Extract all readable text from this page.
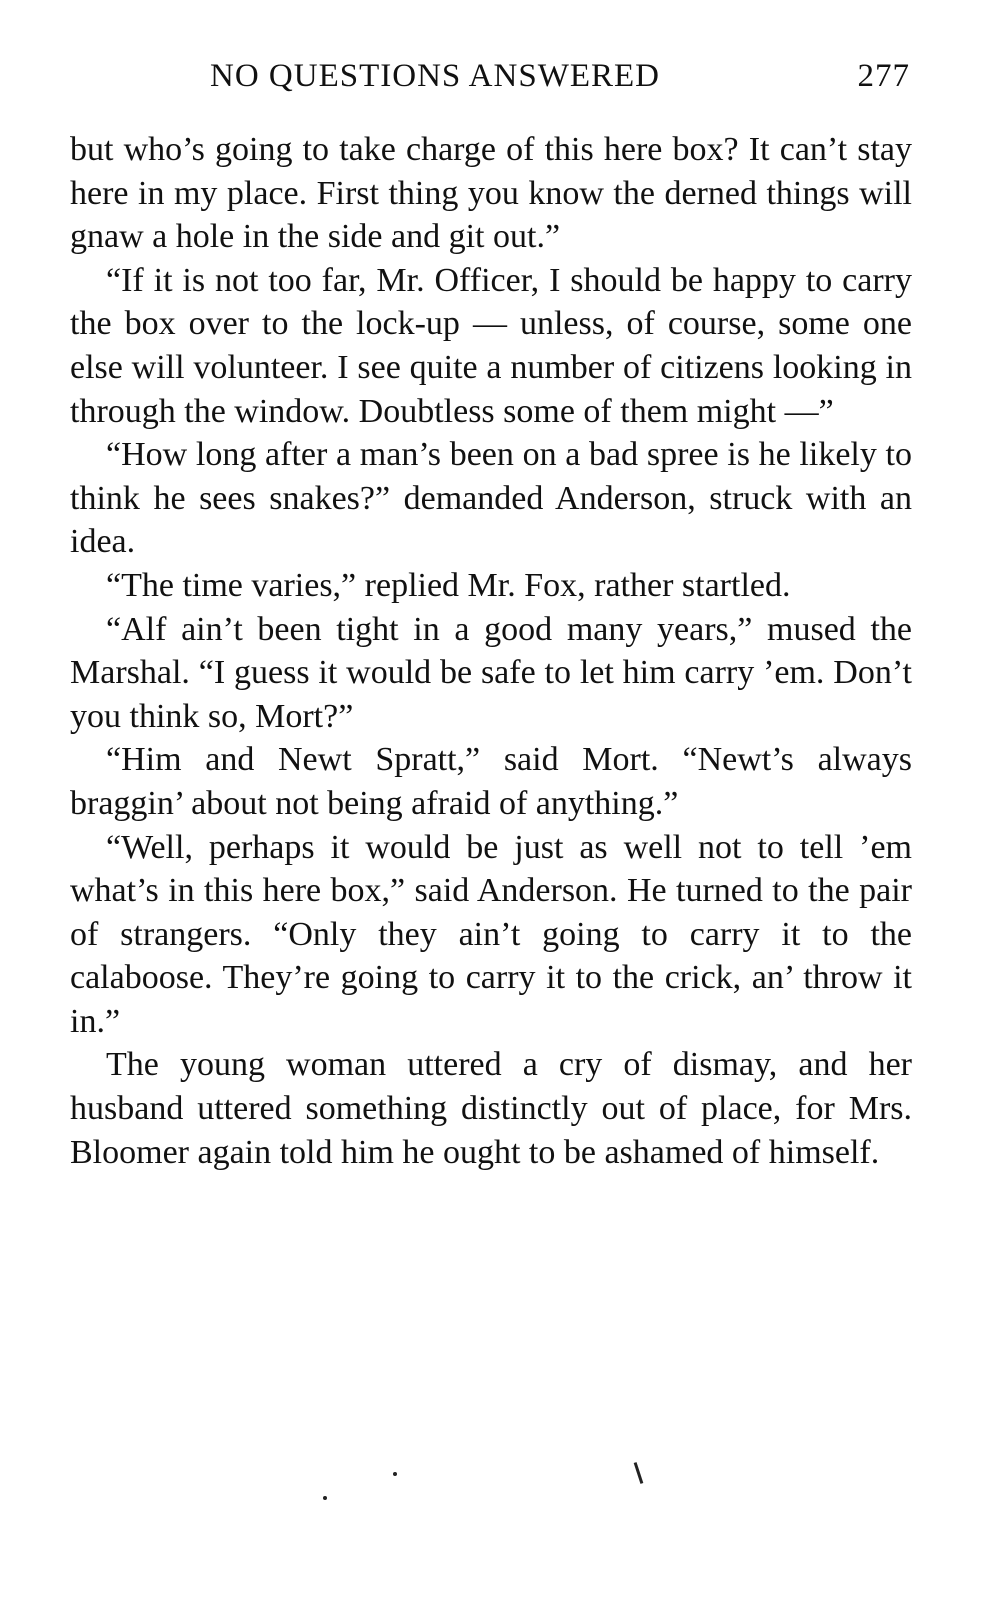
NO QUESTIONS ANSWERED	277

but who’s going to take charge of this here box? It can’t stay here in my place. First thing you know the derned things will gnaw a hole in the side and git out.”

“If it is not too far, Mr. Officer, I should be happy to carry the box over to the lock-up — unless, of course, some one else will volunteer. I see quite a number of citizens looking in through the window. Doubtless some of them might —”

“How long after a man’s been on a bad spree is he likely to think he sees snakes?” demanded Anderson, struck with an idea.

“The time varies,” replied Mr. Fox, rather startled.

“Alf ain’t been tight in a good many years,” mused the Marshal. “I guess it would be safe to let him carry ’em. Don’t you think so, Mort?”

“Him and Newt Spratt,” said Mort. “Newt’s always braggin’ about not being afraid of anything.”

“Well, perhaps it would be just as well not to tell ’em what’s in this here box,” said Anderson. He turned to the pair of strangers. “Only they ain’t going to carry it to the calaboose. They’re going to carry it to the crick, an’ throw it in.”

The young woman uttered a cry of dismay, and her husband uttered something distinctly out of place, for Mrs. Bloomer again told him he ought to be ashamed of himself.
